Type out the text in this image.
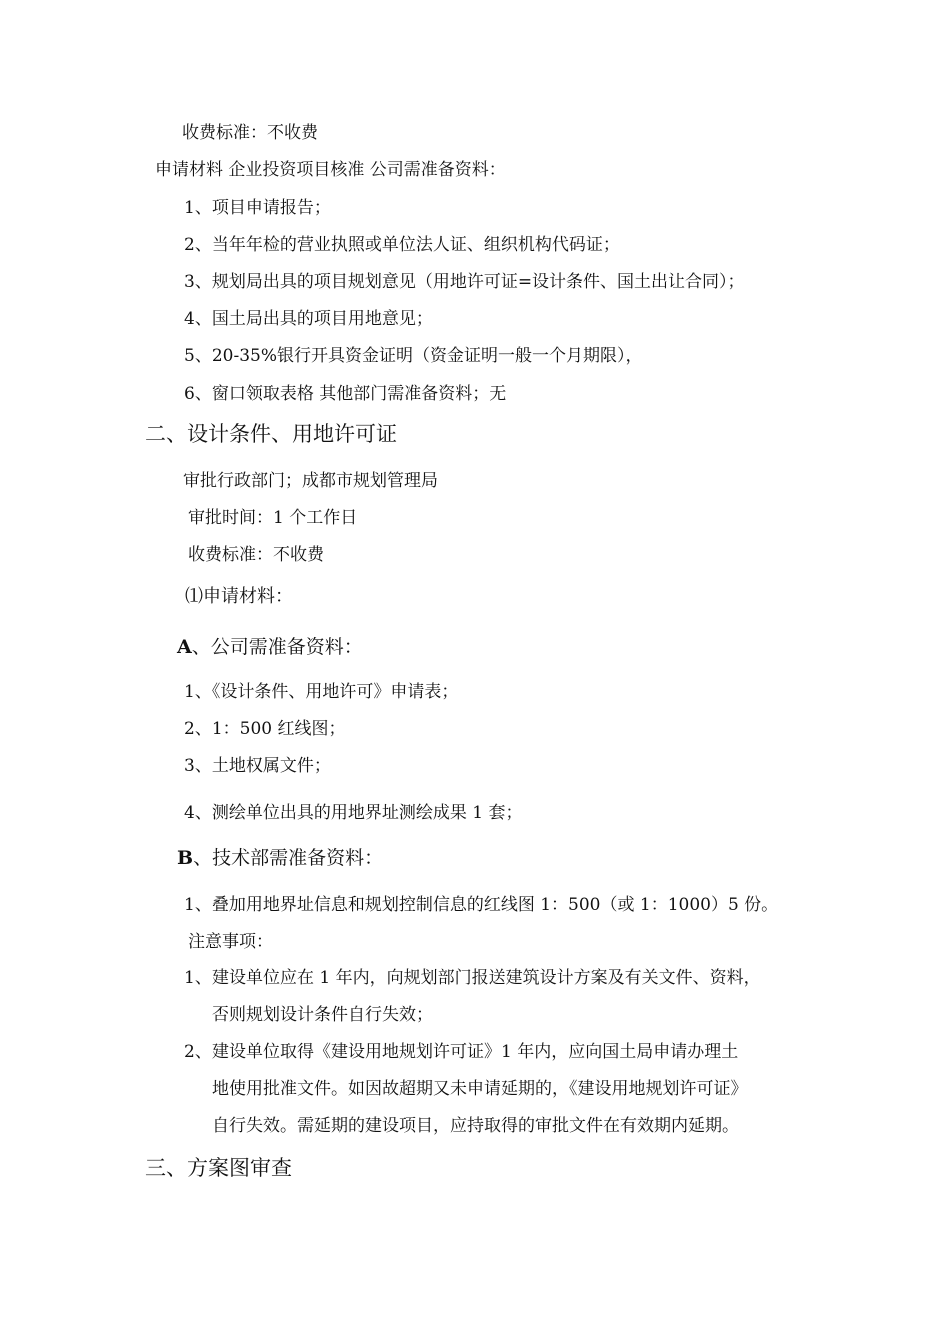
收费标准：不收费
申请材料 企业投资项目核准 公司需准备资料：
1、项目申请报告；
2、当年年检的营业执照或单位法人证、组织机构代码证；
3、规划局出具的项目规划意见（用地许可证=设计条件、国土出让合同）；
4、国土局出具的项目用地意见；
5、20-35%银行开具资金证明（资金证明一般一个月期限），
6、窗口领取表格 其他部门需准备资料；无
二、设计条件、用地许可证
审批行政部门；成都市规划管理局
审批时间：1 个工作日
收费标准：不收费
⑴申请材料：
A、公司需准备资料：
1、《设计条件、用地许可》申请表；
2、1：500 红线图；
3、土地权属文件；
4、测绘单位出具的用地界址测绘成果 1 套；
B、技术部需准备资料：
1、叠加用地界址信息和规划控制信息的红线图 1：500（或 1：1000）5 份。
注意事项：
1、 建设单位应在 1 年内，向规划部门报送建筑设计方案及有关文件、资料，
否则规划设计条件自行失效；
2、 建设单位取得《建设用地规划许可证》1 年内，应向国土局申请办理土
地使用批准文件。如因故超期又未申请延期的，《建设用地规划许可证》
自行失效。需延期的建设项目，应持取得的审批文件在有效期内延期。
三、方案图审查
